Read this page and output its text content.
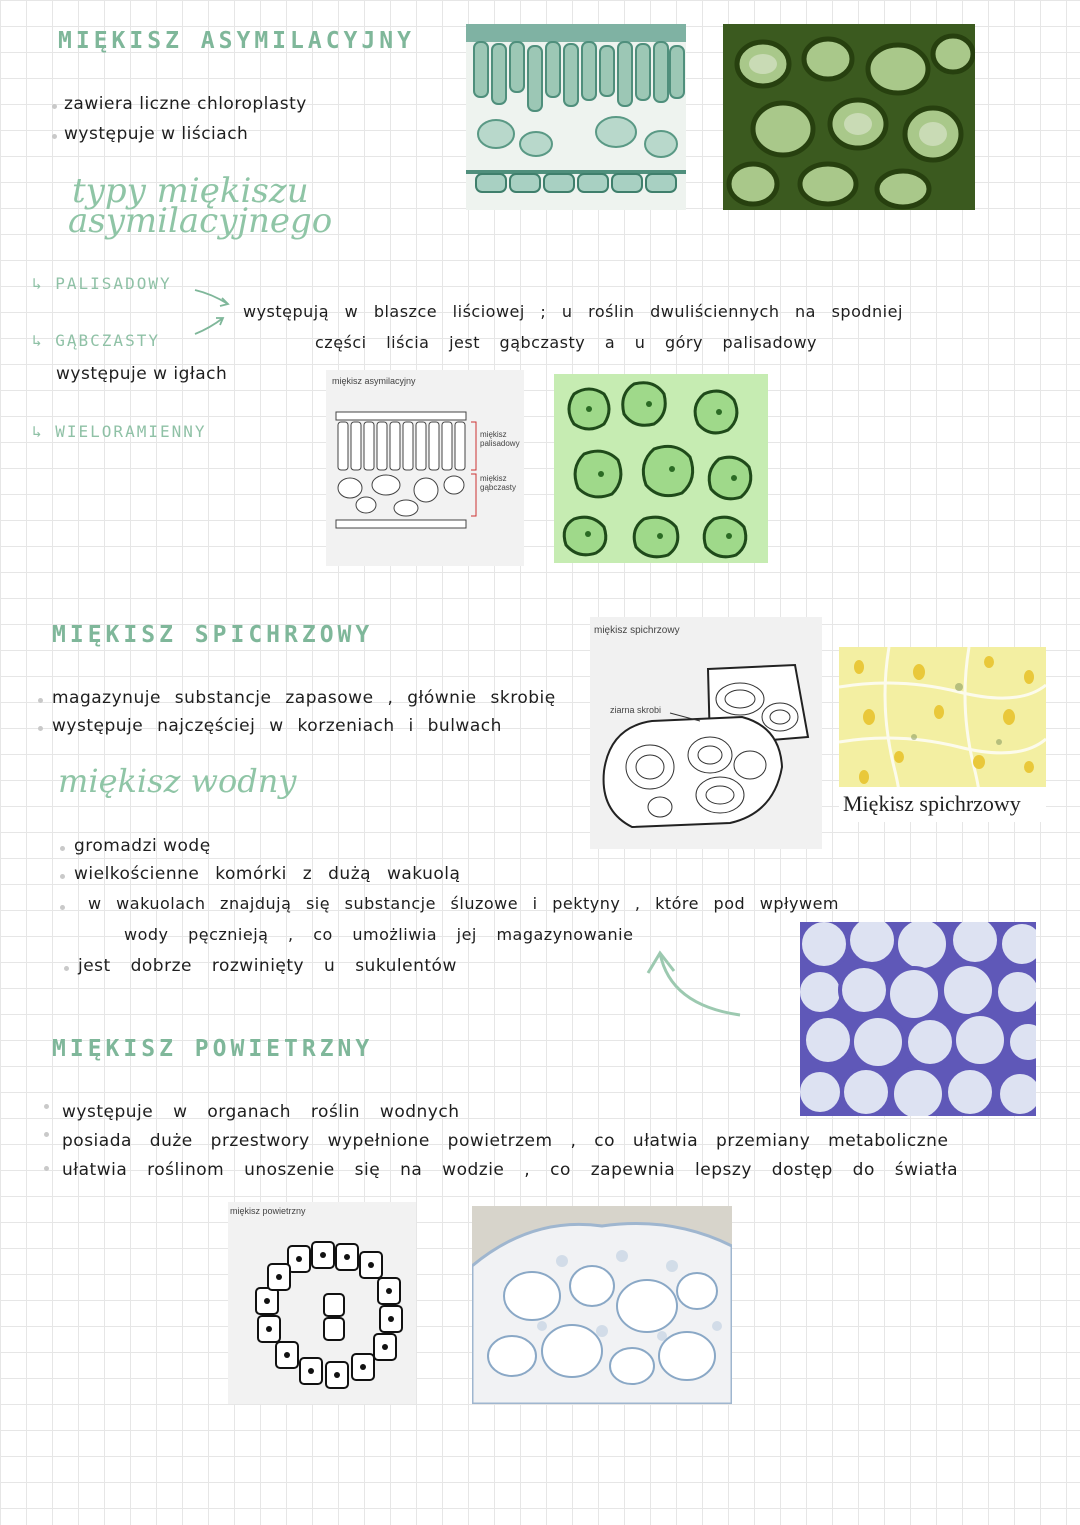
MIĘKISZ ASYMILACYJNY
zawiera liczne chloroplasty
występuje w liściach
typy miękiszu
asymilacyjnego
↳ PALISADOWY
↳ GĄBCZASTY
występuje w igłach
↳ WIELORAMIENNY
występują w blaszce liściowej ; u roślin dwuliściennych na spodniej
części liścia jest gąbczasty a u góry palisadowy
miękisz asymilacyjny
miękisz
palisadowy
miękisz
gąbczasty
MIĘKISZ SPICHRZOWY
magazynuje substancje zapasowe , głównie skrobię
występuje najczęściej w korzeniach i bulwach
miękisz spichrzowy
ziarna skrobi
Miękisz spichrzowy
miękisz wodny
gromadzi wodę
wielkościenne komórki z dużą wakuolą
w wakuolach znajdują się substancje śluzowe i pektyny , które pod wpływem
wody pęcznieją , co umożliwia jej magazynowanie
jest dobrze rozwinięty u sukulentów
MIĘKISZ POWIETRZNY
występuje w organach roślin wodnych
posiada duże przestwory wypełnione powietrzem , co ułatwia przemiany metaboliczne
ułatwia roślinom unoszenie się na wodzie , co zapewnia lepszy dostęp do światła
miękisz powietrzny
